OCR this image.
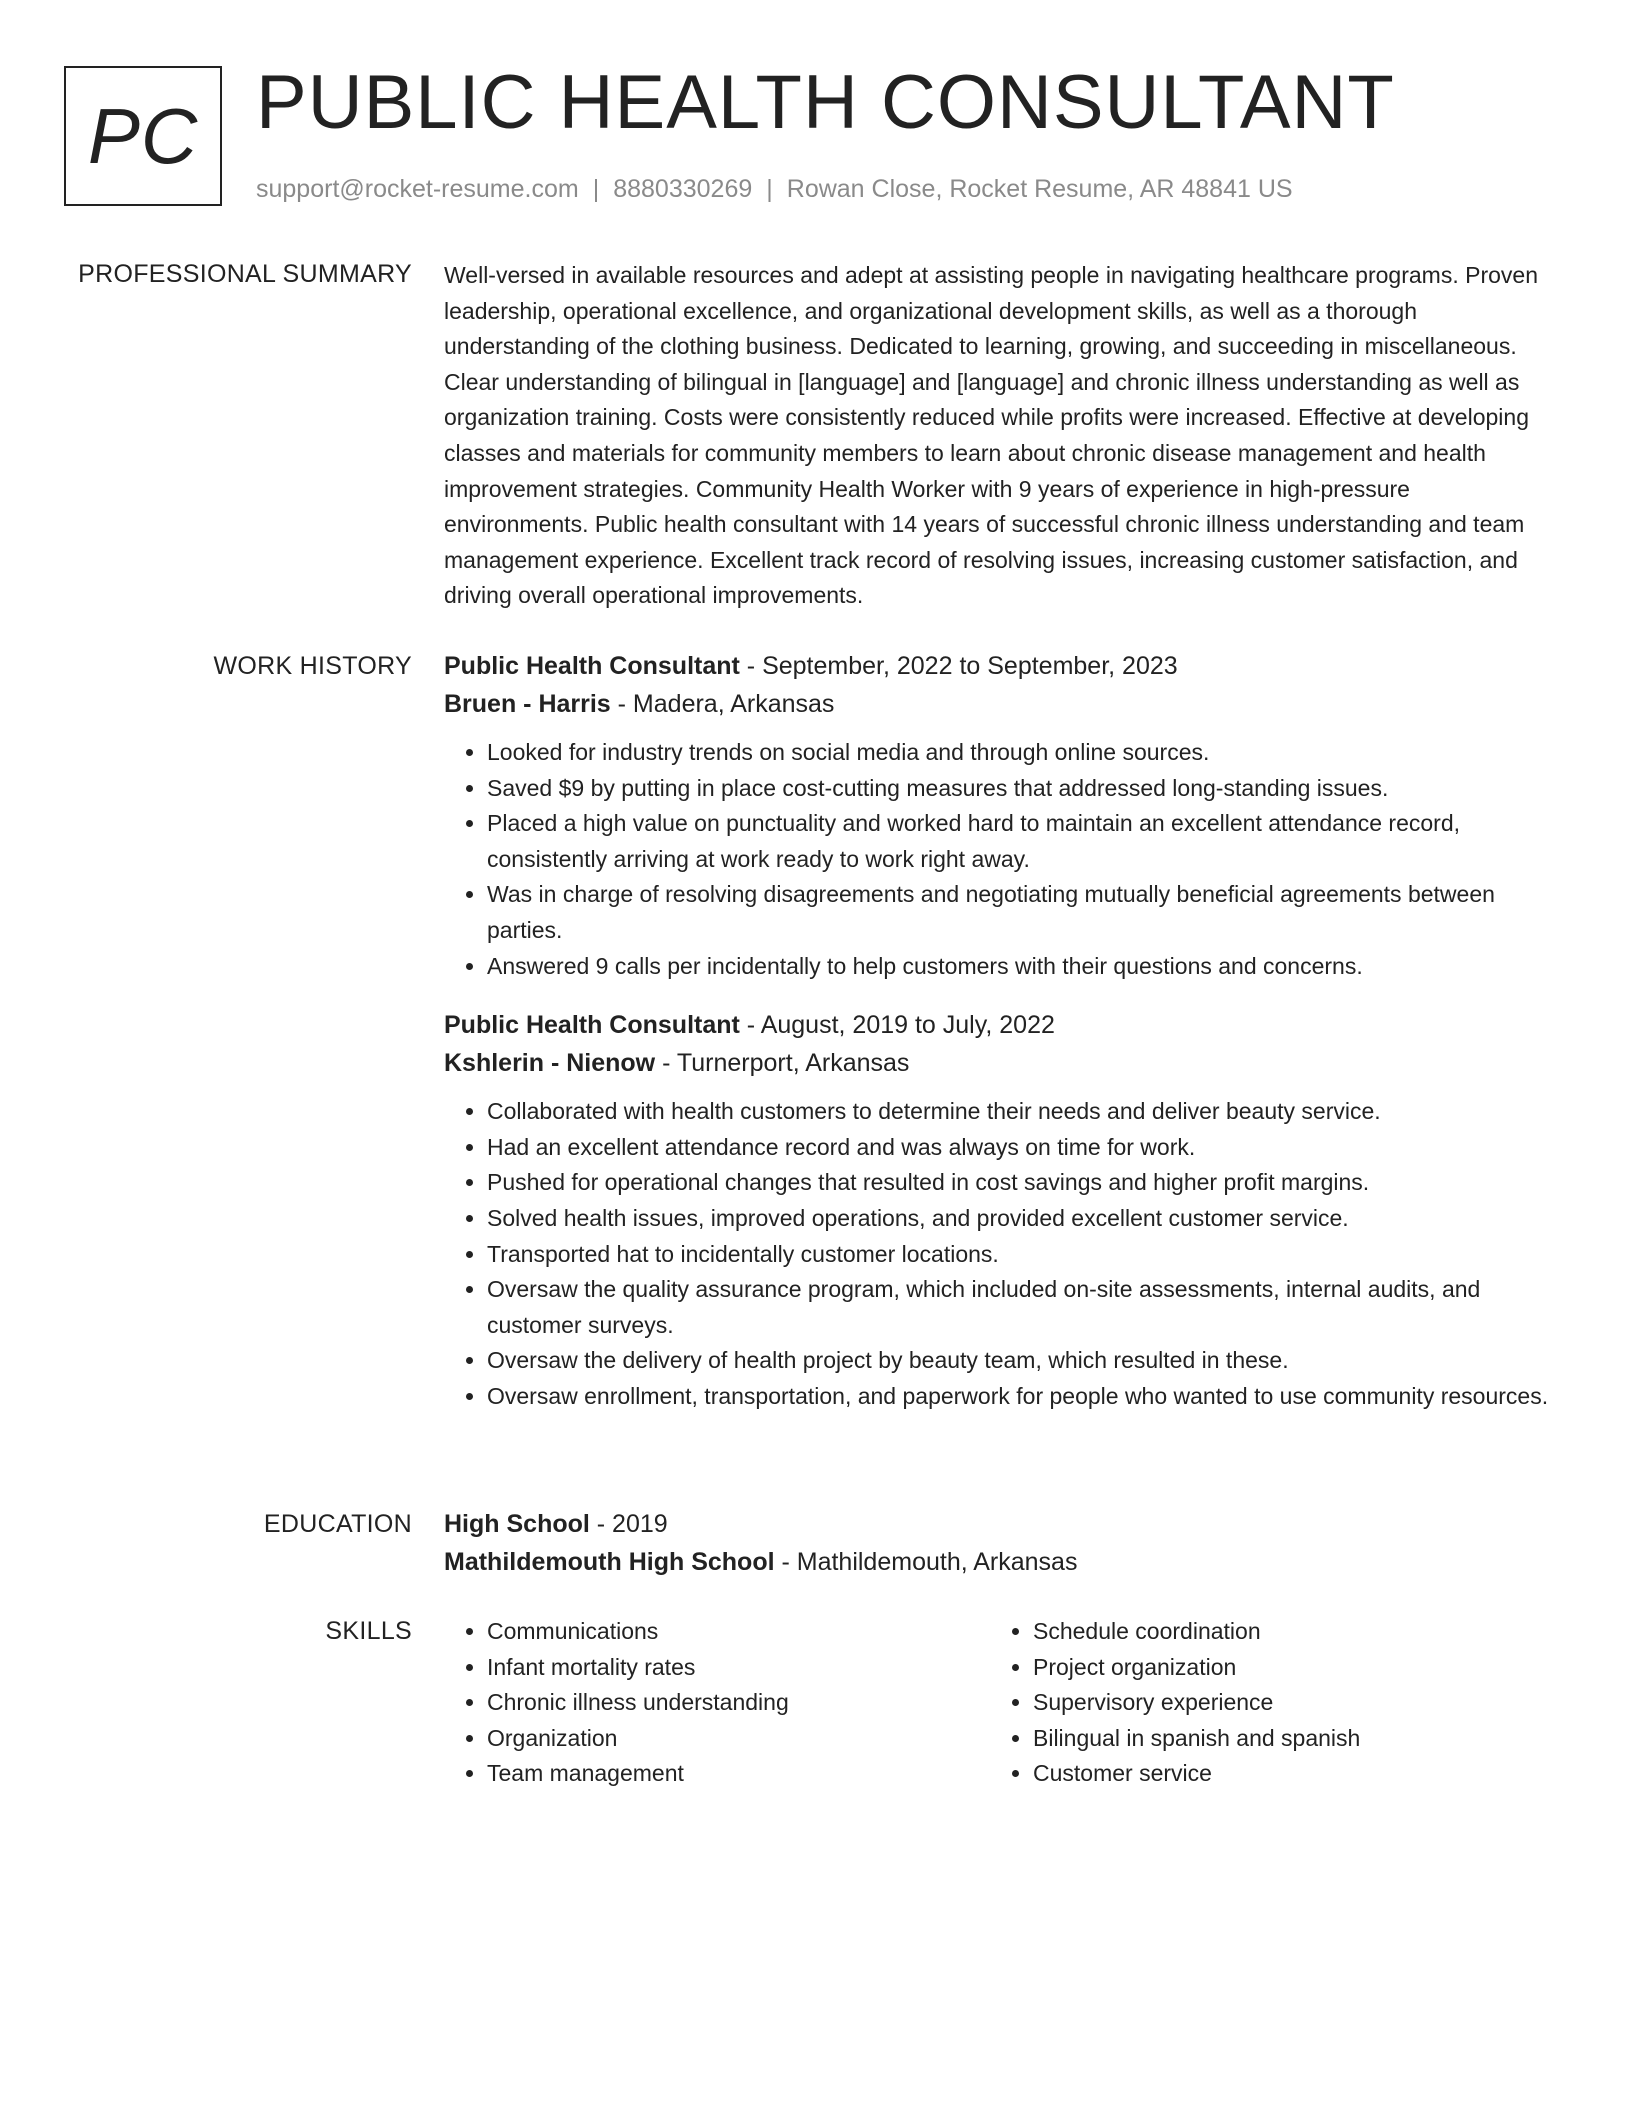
PC PUBLIC HEALTH CONSULTANT
support@rocket-resume.com | 8880330269 | Rowan Close, Rocket Resume, AR 48841 US
PROFESSIONAL SUMMARY Well-versed in available resources and adept at assisting people in navigating healthcare programs. Proven leadership, operational excellence, and organizational development skills, as well as a thorough understanding of the clothing business. Dedicated to learning, growing, and succeeding in miscellaneous. Clear understanding of bilingual in [language] and [language] and chronic illness understanding as well as organization training. Costs were consistently reduced while profits were increased. Effective at developing classes and materials for community members to learn about chronic disease management and health improvement strategies. Community Health Worker with 9 years of experience in high-pressure environments. Public health consultant with 14 years of successful chronic illness understanding and team management experience. Excellent track record of resolving issues, increasing customer satisfaction, and driving overall operational improvements.

WORK HISTORY Public Health Consultant - September, 2022 to September, 2023
Bruen - Harris - Madera, Arkansas
• Looked for industry trends on social media and through online sources.
• Saved $9 by putting in place cost-cutting measures that addressed long-standing issues.
• Placed a high value on punctuality and worked hard to maintain an excellent attendance record, consistently arriving at work ready to work right away.
• Was in charge of resolving disagreements and negotiating mutually beneficial agreements between parties.
• Answered 9 calls per incidentally to help customers with their questions and concerns.
Public Health Consultant - August, 2019 to July, 2022
Kshlerin - Nienow - Turnerport, Arkansas
• Collaborated with health customers to determine their needs and deliver beauty service.
• Had an excellent attendance record and was always on time for work.
• Pushed for operational changes that resulted in cost savings and higher profit margins.
• Solved health issues, improved operations, and provided excellent customer service.
• Transported hat to incidentally customer locations.
• Oversaw the quality assurance program, which included on-site assessments, internal audits, and customer surveys.
• Oversaw the delivery of health project by beauty team, which resulted in these.
• Oversaw enrollment, transportation, and paperwork for people who wanted to use community resources.
EDUCATION High School - 2019
Mathildemouth High School - Mathildemouth, Arkansas
SKILLS
•	Communications
• Infant mortality rates
• Chronic illness understanding
• Organization
• Team management
• Schedule coordination
• Project organization
• Supervisory experience
• Bilingual in spanish and spanish
• Customer service
